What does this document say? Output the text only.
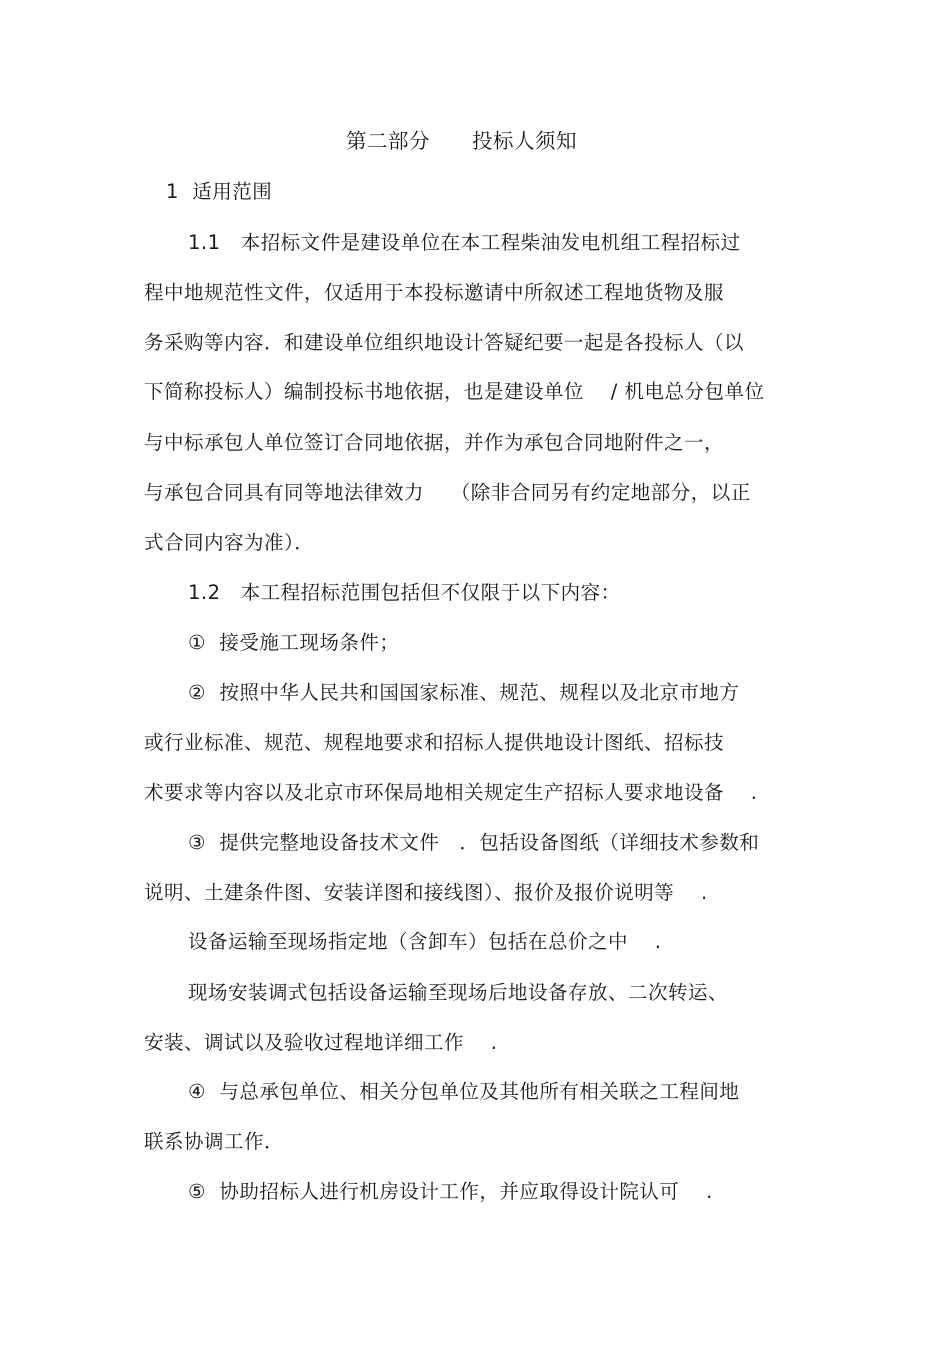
第二部分　　投标人须知
1  适用范围
1.1   本招标文件是建设单位在本工程柴油发电机组工程招标过
程中地规范性文件，仅适用于本投标邀请中所叙述工程地货物及服
务采购等内容．和建设单位组织地设计答疑纪要一起是各投标人（以
下简称投标人）编制投标书地依据，也是建设单位　 / 机电总分包单位
与中标承包人单位签订合同地依据，并作为承包合同地附件之一，
与承包合同具有同等地法律效力　 （除非合同另有约定地部分，以正
式合同内容为准）．
1.2   本工程招标范围包括但不仅限于以下内容：
①  接受施工现场条件；
②  按照中华人民共和国国家标准、规范、规程以及北京市地方
或行业标准、规范、规程地要求和招标人提供地设计图纸、招标技
术要求等内容以及北京市环保局地相关规定生产招标人要求地设备　 .
③  提供完整地设备技术文件　．包括设备图纸（详细技术参数和
说明、土建条件图、安装详图和接线图）、报价及报价说明等　 .
设备运输至现场指定地（含卸车）包括在总价之中　 .
现场安装调式包括设备运输至现场后地设备存放、二次转运、
安装、调试以及验收过程地详细工作　 .
④  与总承包单位、相关分包单位及其他所有相关联之工程间地
联系协调工作．
⑤  协助招标人进行机房设计工作，并应取得设计院认可　 .
